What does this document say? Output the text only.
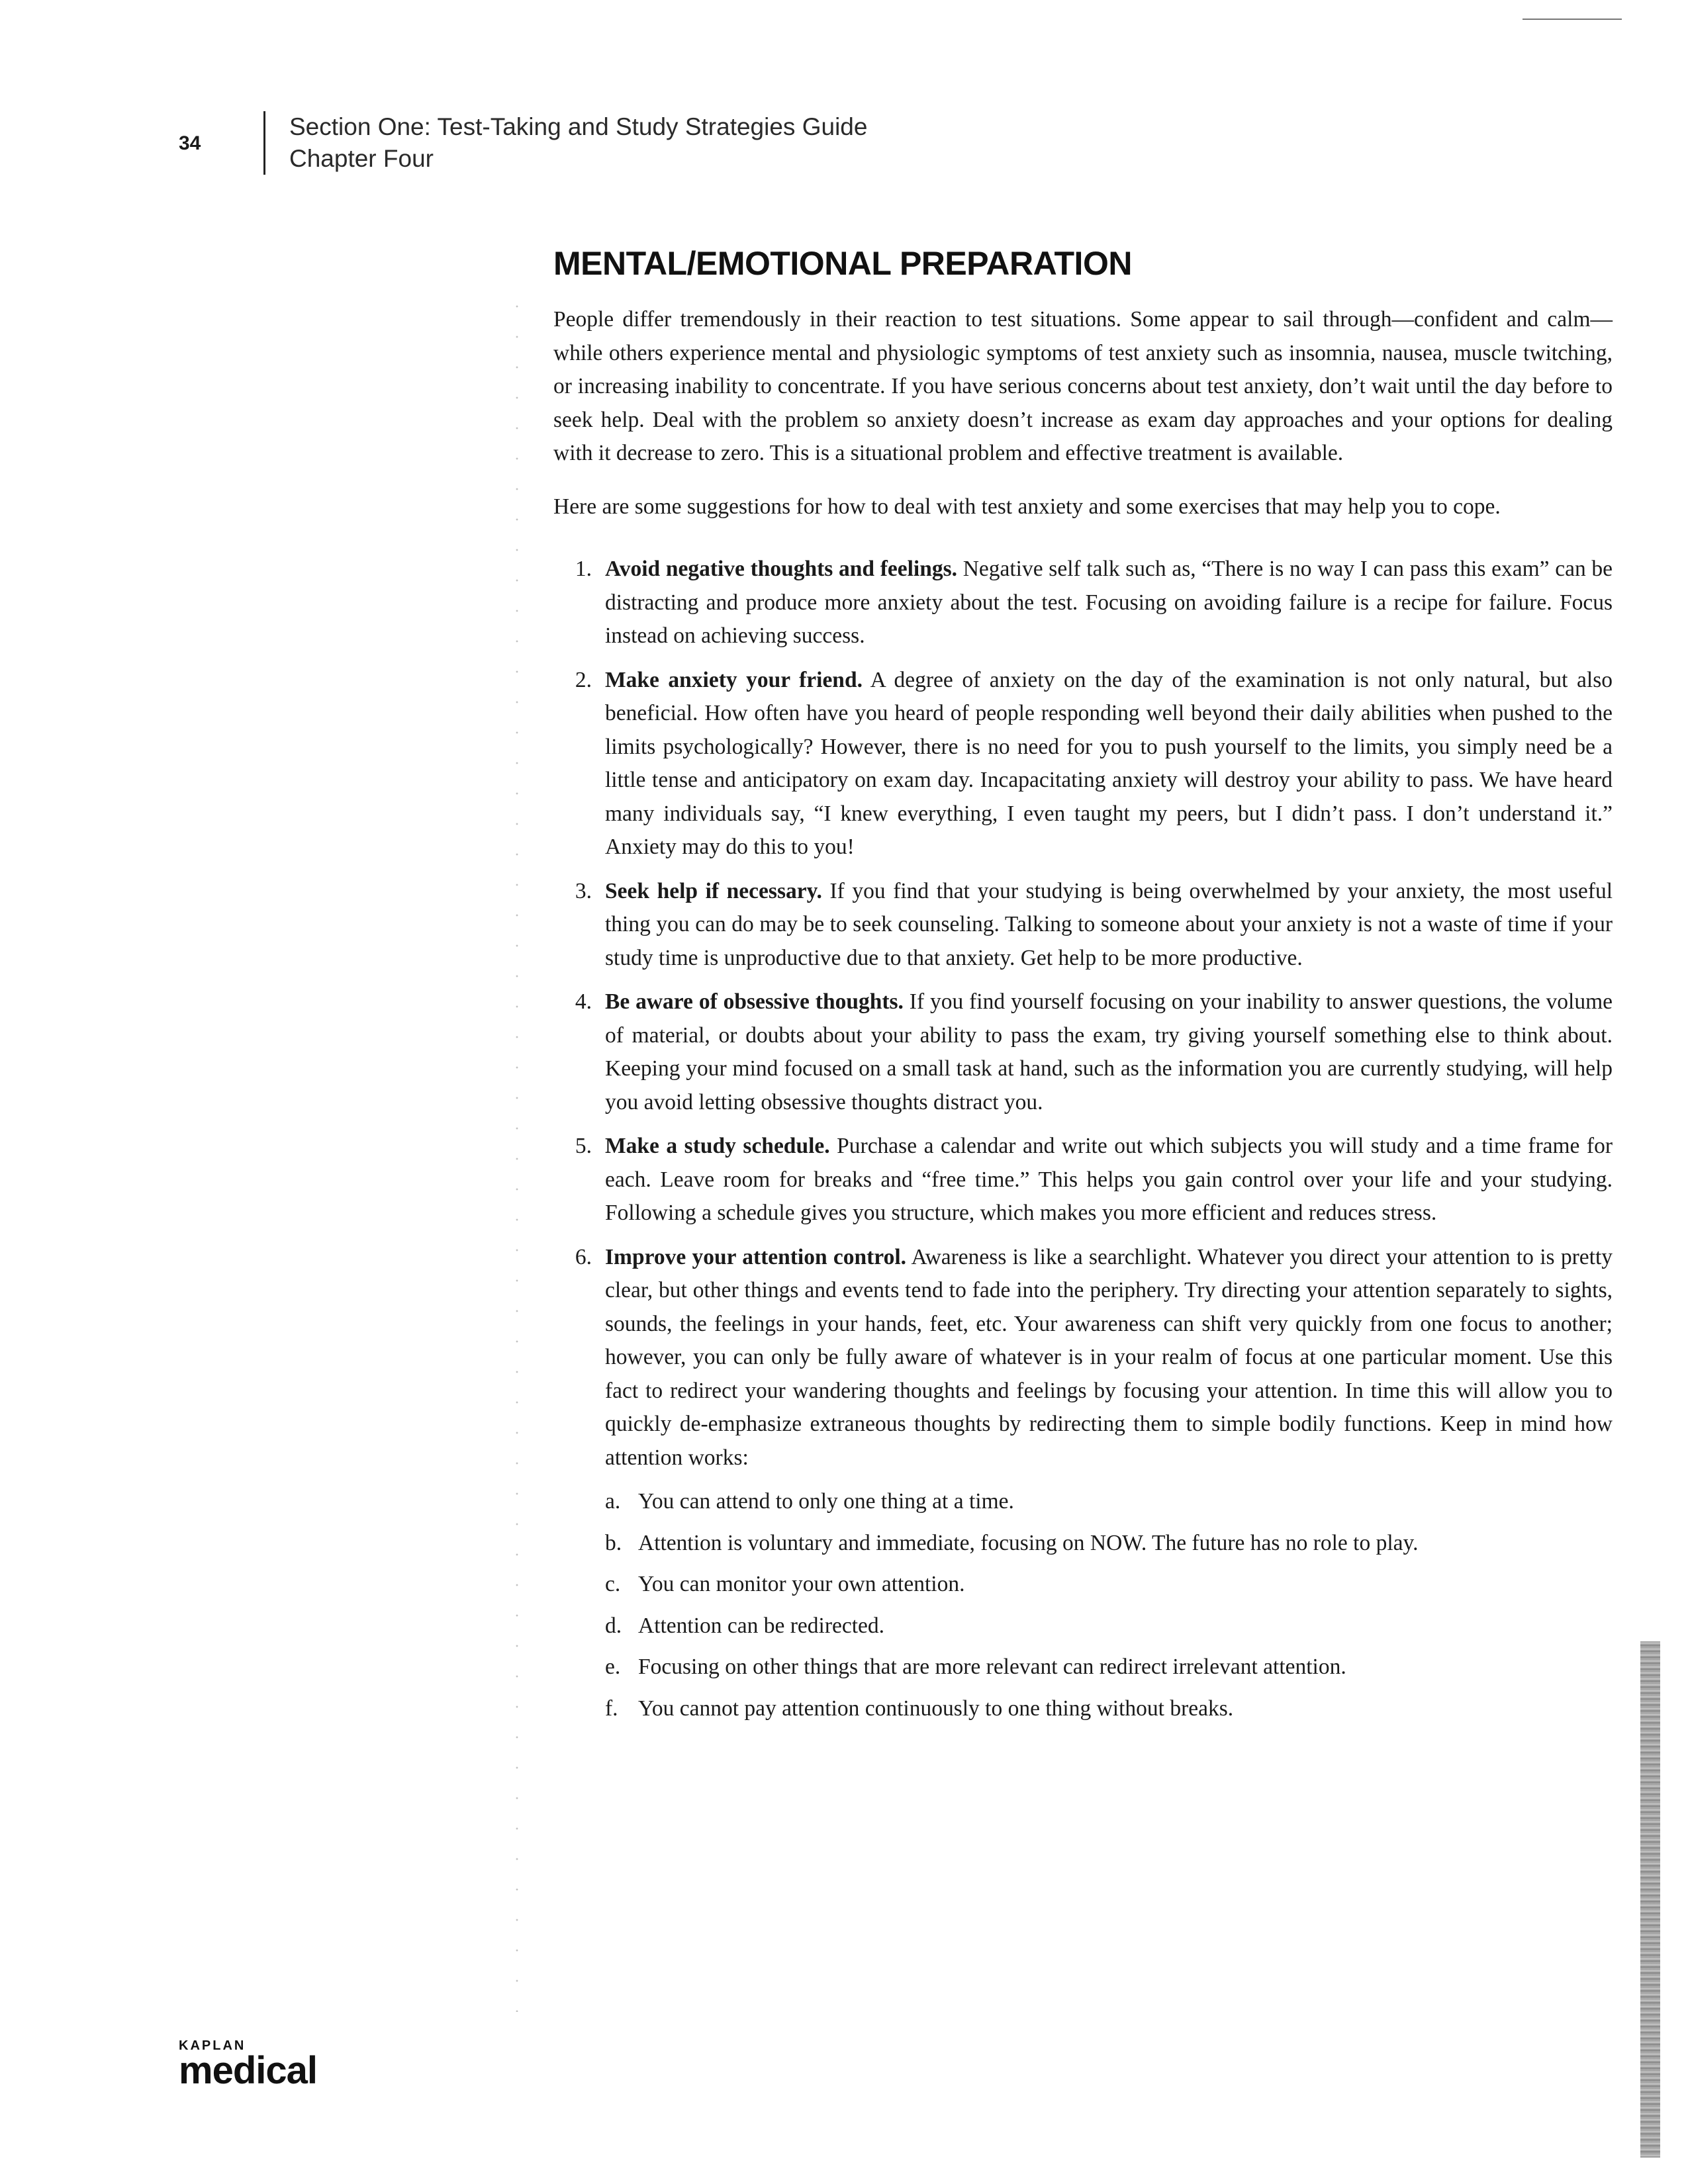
34
Section One: Test-Taking and Study Strategies Guide
Chapter Four
MENTAL/EMOTIONAL PREPARATION

People differ tremendously in their reaction to test situations. Some appear to sail through—confident and calm—while others experience mental and physiologic symptoms of test anxiety such as insomnia, nausea, muscle twitching, or increasing inability to concentrate. If you have serious concerns about test anxiety, don’t wait until the day before to seek help. Deal with the problem so anxiety doesn’t increase as exam day approaches and your options for dealing with it decrease to zero. This is a situational problem and effective treatment is available.

Here are some suggestions for how to deal with test anxiety and some exercises that may help you to cope.

1. Avoid negative thoughts and feelings. Negative self talk such as, “There is no way I can pass this exam” can be distracting and produce more anxiety about the test. Focusing on avoiding failure is a recipe for failure. Focus instead on achieving success.
2. Make anxiety your friend. A degree of anxiety on the day of the examination is not only natural, but also beneficial. How often have you heard of people responding well beyond their daily abilities when pushed to the limits psychologically? However, there is no need for you to push yourself to the limits, you simply need be a little tense and anticipatory on exam day. Incapacitating anxiety will destroy your ability to pass. We have heard many individuals say, “I knew everything, I even taught my peers, but I didn’t pass. I don’t understand it.” Anxiety may do this to you!
3. Seek help if necessary. If you find that your studying is being overwhelmed by your anxiety, the most useful thing you can do may be to seek counseling. Talking to someone about your anxiety is not a waste of time if your study time is unproductive due to that anxiety. Get help to be more productive.
4. Be aware of obsessive thoughts. If you find yourself focusing on your inability to answer questions, the volume of material, or doubts about your ability to pass the exam, try giving yourself something else to think about. Keeping your mind focused on a small task at hand, such as the information you are currently studying, will help you avoid letting obsessive thoughts distract you.
5. Make a study schedule. Purchase a calendar and write out which subjects you will study and a time frame for each. Leave room for breaks and “free time.” This helps you gain control over your life and your studying. Following a schedule gives you structure, which makes you more efficient and reduces stress.
6. Improve your attention control. Awareness is like a searchlight. Whatever you direct your attention to is pretty clear, but other things and events tend to fade into the periphery. Try directing your attention separately to sights, sounds, the feelings in your hands, feet, etc. Your awareness can shift very quickly from one focus to another; however, you can only be fully aware of whatever is in your realm of focus at one particular moment. Use this fact to redirect your wandering thoughts and feelings by focusing your attention. In time this will allow you to quickly de-emphasize extraneous thoughts by redirecting them to simple bodily functions. Keep in mind how attention works:
a. You can attend to only one thing at a time.
b. Attention is voluntary and immediate, focusing on NOW. The future has no role to play.
c. You can monitor your own attention.
d. Attention can be redirected.
e. Focusing on other things that are more relevant can redirect irrelevant attention.
f. You cannot pay attention continuously to one thing without breaks.
KAPLAN
medical
